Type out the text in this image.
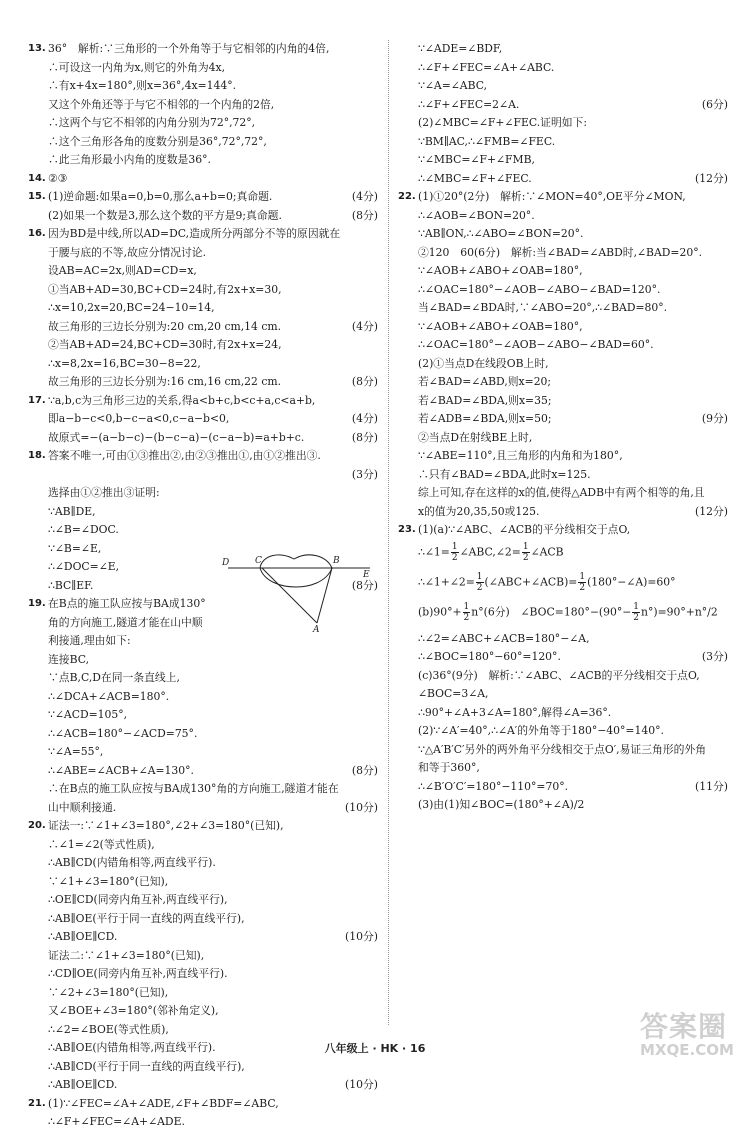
13. 36°　解析:∵三角形的一个外角等于与它相邻的内角的4倍,
∴可设这一内角为x,则它的外角为4x,
∴有x+4x=180°,则x=36°,4x=144°.
又这个外角还等于与它不相邻的一个内角的2倍,
∴这两个与它不相邻的内角分别为72°,72°,
∴这个三角形各角的度数分别是36°,72°,72°,
∴此三角形最小内角的度数是36°.
14. ②③
15. (1)逆命题:如果a=0,b=0,那么a+b=0;真命题.	(4分)
(2)如果一个数是3,那么这个数的平方是9;真命题.	(8分)
16. 因为BD是中线,所以AD=DC,造成所分两部分不等的原因就在
于腰与底的不等,故应分情况讨论.
设AB=AC=2x,则AD=CD=x,
①当AB+AD=30,BC+CD=24时,有2x+x=30,
∴x=10,2x=20,BC=24−10=14,
故三角形的三边长分别为:20 cm,20 cm,14 cm.	(4分)
②当AB+AD=24,BC+CD=30时,有2x+x=24,
∴x=8,2x=16,BC=30−8=22,
故三角形的三边长分别为:16 cm,16 cm,22 cm.	(8分)
17. ∵a,b,c为三角形三边的关系,得a<b+c,b<c+a,c<a+b,
即a−b−c<0,b−c−a<0,c−a−b<0,	(4分)
故原式=−(a−b−c)−(b−c−a)−(c−a−b)=a+b+c.	(8分)
18. 答案不唯一,可由①③推出②,由②③推出①,由①②推出③.
(3分)
选择由①②推出③证明:
∵AB∥DE,
∴∠B=∠DOC.
∵∠B=∠E,
∴∠DOC=∠E,
∴BC∥EF.	(8分)
19. 在B点的施工队应按与BA成130°
角的方向施工,隧道才能在山中顺
利接通,理由如下:
连接BC,
∵点B,C,D在同一条直线上,
∴∠DCA+∠ACB=180°.
∵∠ACD=105°,
∴∠ACB=180°−∠ACD=75°.
∵∠A=55°,
∴∠ABE=∠ACB+∠A=130°.	(8分)
∴在B点的施工队应按与BA成130°角的方向施工,隧道才能在
山中顺利接通.	(10分)
20. 证法一:∵∠1+∠3=180°,∠2+∠3=180°(已知),
∴∠1=∠2(等式性质),
∴AB∥CD(内错角相等,两直线平行).
∵∠1+∠3=180°(已知),
∴OE∥CD(同旁内角互补,两直线平行),
∴AB∥OE(平行于同一直线的两直线平行),
∴AB∥OE∥CD.	(10分)
证法二:∵∠1+∠3=180°(已知),
∴CD∥OE(同旁内角互补,两直线平行).
∵∠2+∠3=180°(已知),
又∠BOE+∠3=180°(邻补角定义),
∴∠2=∠BOE(等式性质),
∴AB∥OE(内错角相等,两直线平行).
∴AB∥CD(平行于同一直线的两直线平行),
∴AB∥OE∥CD.	(10分)
21. (1)∵∠FEC=∠A+∠ADE,∠F+∠BDF=∠ABC,
∴∠F+∠FEC=∠A+∠ADE.
∵∠ADE=∠BDF,
∴∠F+∠FEC=∠A+∠ABC.
∵∠A=∠ABC,
∴∠F+∠FEC=2∠A.	(6分)
(2)∠MBC=∠F+∠FEC.证明如下:
∵BM∥AC,∴∠FMB=∠FEC.
∵∠MBC=∠F+∠FMB,
∴∠MBC=∠F+∠FEC.	(12分)
22. (1)①20°(2分)　解析:∵∠MON=40°,OE平分∠MON,
∴∠AOB=∠BON=20°.
∵AB∥ON,∴∠ABO=∠BON=20°.
②120　60(6分)　解析:当∠BAD=∠ABD时,∠BAD=20°.
∵∠AOB+∠ABO+∠OAB=180°,
∴∠OAC=180°−∠AOB−∠ABO−∠BAD=120°.
当∠BAD=∠BDA时,∵∠ABO=20°,∴∠BAD=80°.
∵∠AOB+∠ABO+∠OAB=180°,
∴∠OAC=180°−∠AOB−∠ABO−∠BAD=60°.
(2)①当点D在线段OB上时,
若∠BAD=∠ABD,则x=20;
若∠BAD=∠BDA,则x=35;
若∠ADB=∠BDA,则x=50;	(9分)
②当点D在射线BE上时,
∵∠ABE=110°,且三角形的内角和为180°,
∴只有∠BAD=∠BDA,此时x=125.
综上可知,存在这样的x的值,使得△ADB中有两个相等的角,且
x的值为20,35,50或125.	(12分)
23. (1)(a)∵∠ABC、∠ACB的平分线相交于点O,
∴∠1= $\frac{1}{2}$ ∠ABC,∠2= $\frac{1}{2}$ ∠ACB
∴∠1+∠2= $\frac{1}{2}$ (∠ABC+∠ACB)= $\frac{1}{2}$ (180°−∠A)=60°
$(b)90^\circ+ \frac{1}{2} n^\circ(6$分)　∠BOC=180°−(90°− $\frac{1}{2} n^\circ)=90^\circ+n^\circ/2$
∴∠2=∠ABC+∠ACB=180°−∠A,
∴∠BOC=180°−60°=120°.	(3分)
(c)36°(9分)　解析:∵∠ABC、∠ACB的平分线相交于点O,
∠BOC=3∠A,
∴90°+∠A+3∠A=180°,解得∠A=36°.
(2)∵∠A′=40°,∴∠A′的外角等于180°−40°=140°.
∵△A′B′C′另外的两外角平分线相交于点O′,易证三角形的外角
和等于360°,
∴∠B′O′C′=180°−110°=70°.	(11分)
(3)由(1)知∠BOC=(180°+∠A)/2
D	C	B
E
A
八年级上 · HK · 16
答案圈
MXQE.COM
